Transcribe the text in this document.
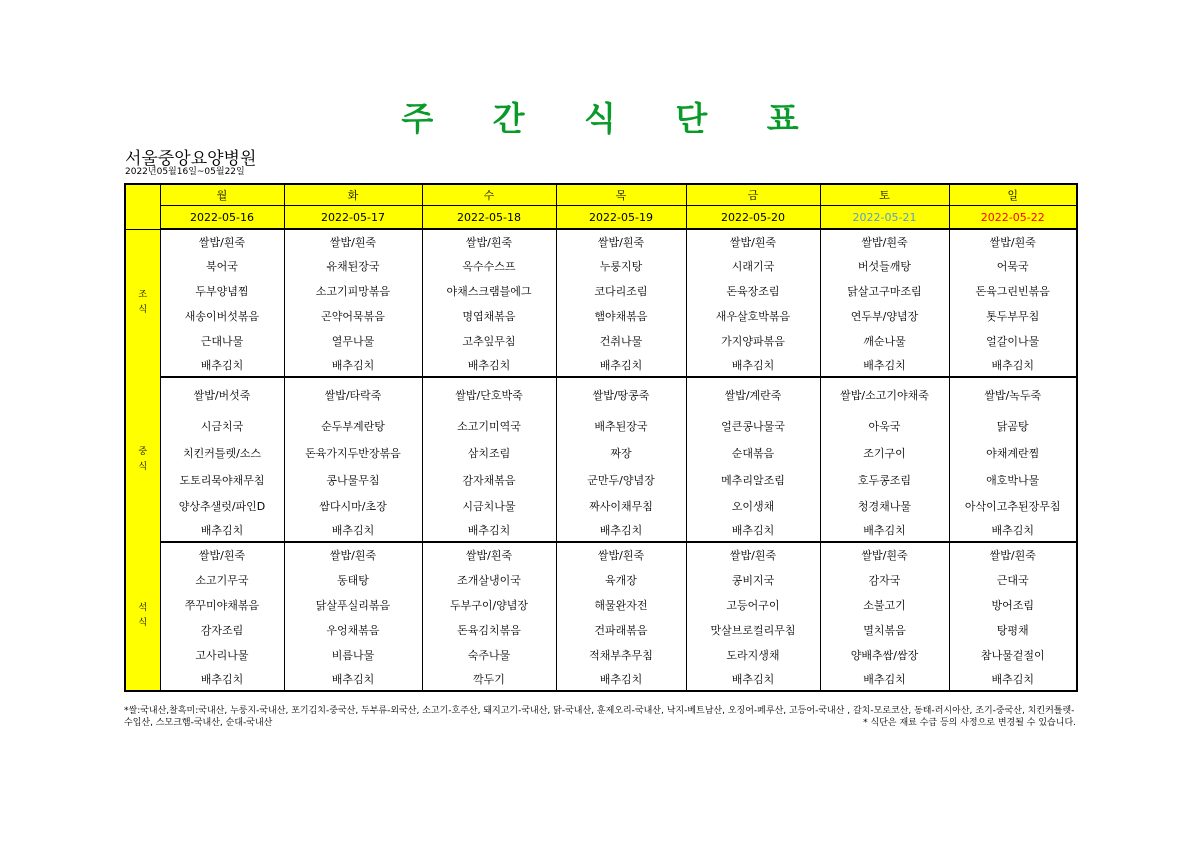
주 간 식 단 표
서울중앙요양병원
2022년05월16일~05월22일
	월	화	수	목	금	토	일
	2022-05-16	2022-05-17	2022-05-18	2022-05-19	2022-05-20	2022-05-21	2022-05-22
조
식	쌀밥/흰죽	쌀밥/흰죽	쌀밥/흰죽	쌀밥/흰죽	쌀밥/흰죽	쌀밥/흰죽	쌀밥/흰죽
	북어국	유채된장국	옥수수스프	누룽지탕	시래기국	버섯들깨탕	어묵국
	두부양념찜	소고기피망볶음	야채스크램블에그	코다리조림	돈육장조림	닭살고구마조림	돈육그린빈볶음
	새송이버섯볶음	곤약어묵볶음	명엽채볶음	햄야채볶음	새우살호박볶음	연두부/양념장	톳두부무침
	근대나물	열무나물	고추잎무침	건취나물	가지양파볶음	깨순나물	얼갈이나물
	배추김치	배추김치	배추김치	배추김치	배추김치	배추김치	배추김치
중
식	쌀밥/버섯죽	쌀밥/타락죽	쌀밥/단호박죽	쌀밥/땅콩죽	쌀밥/계란죽	쌀밥/소고기야채죽	쌀밥/녹두죽
	시금치국	순두부계란탕	소고기미역국	배추된장국	얼큰콩나물국	아욱국	닭곰탕
	치킨커틀렛/소스	돈육가지두반장볶음	삼치조림	짜장	순대볶음	조기구이	야채계란찜
	도토리묵야채무침	콩나물무침	감자채볶음	군만두/양념장	메추리알조림	호두콩조림	애호박나물
	양상추샐럿/파인D	쌈다시마/초장	시금치나물	짜사이채무침	오이생채	청경채나물	아삭이고추된장무침
	배추김치	배추김치	배추김치	배추김치	배추김치	배추김치	배추김치
석
식	쌀밥/흰죽	쌀밥/흰죽	쌀밥/흰죽	쌀밥/흰죽	쌀밥/흰죽	쌀밥/흰죽	쌀밥/흰죽
	소고기무국	동태탕	조개살냉이국	육개장	콩비지국	감자국	근대국
	쭈꾸미야채볶음	닭살푸실리볶음	두부구이/양념장	해물완자전	고등어구이	소불고기	방어조림
	감자조림	우엉채볶음	돈육김치볶음	건파래볶음	맛살브로컬리무침	멸치볶음	탕평채
	고사리나물	비름나물	숙주나물	적채부추무침	도라지생채	양배추쌈/쌈장	참나물겉절이
	배추김치	배추김치	깍두기	배추김치	배추김치	배추김치	배추김치
*쌀:국내산,찰흑미:국내산, 누룽지-국내산, 포기김치-중국산, 두부류-외국산, 소고기-호주산, 돼지고기-국내산, 닭-국내산, 훈제오리-국내산, 낙지-베트남산, 오징어-페루산, 고등어-국내산 , 갈치-모로코산, 동태-러시아산, 조기-중국산, 치킨커틀렛-수입산, 스모크햄-국내산, 순대-국내산	* 식단은 재료 수급 등의 사정으로 변경될 수 있습니다.
